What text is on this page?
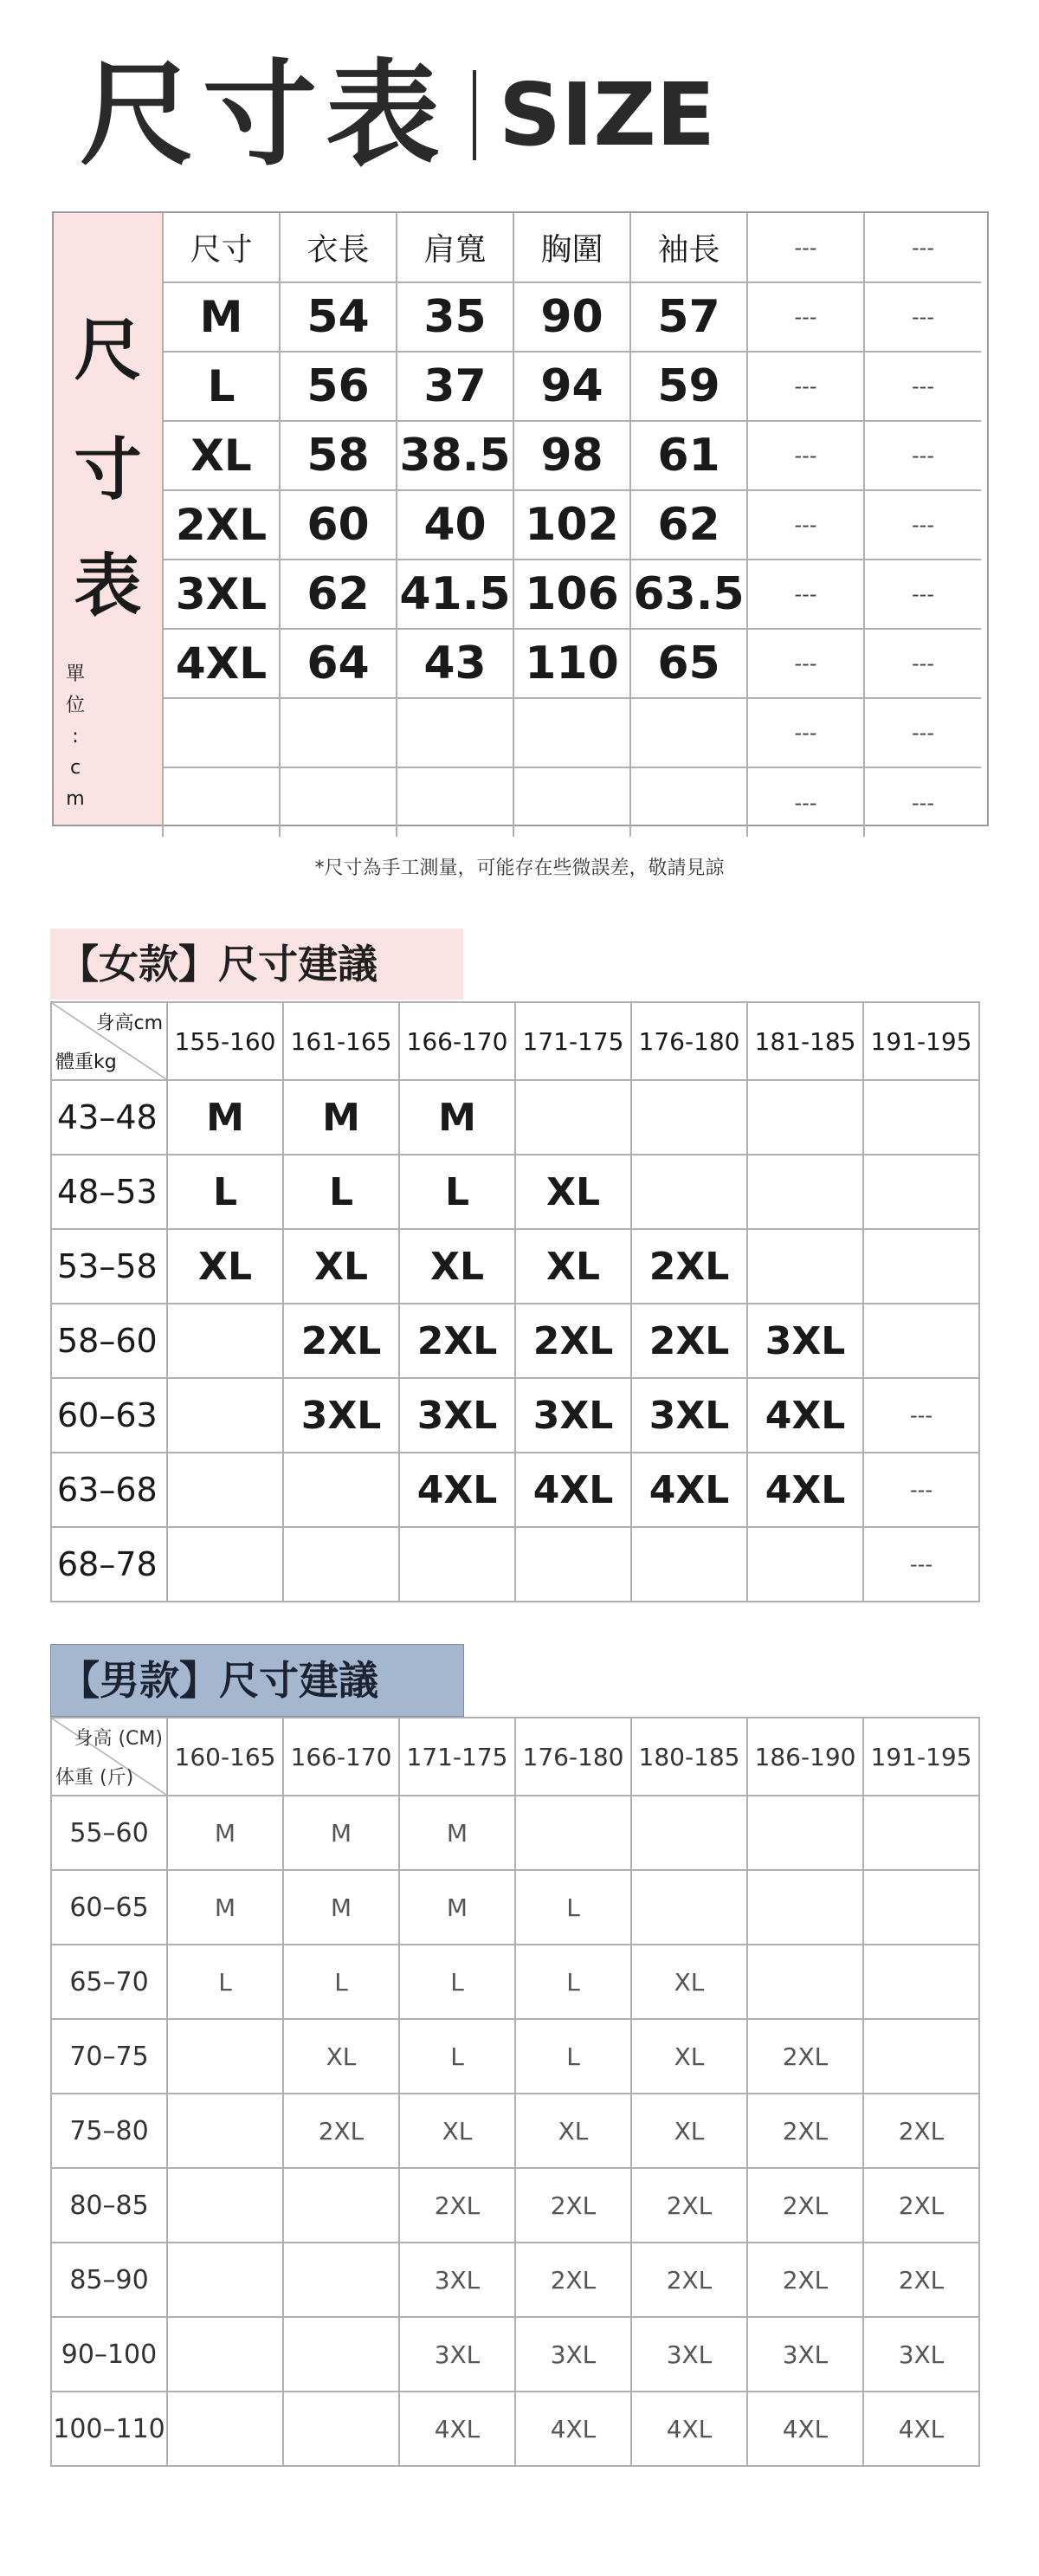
尺寸表 SIZE
尺
寸
表
單
位
:
c
m
尺寸	衣長	肩寬	胸圍	袖長	---	---
M	54	35	90	57	---	---
L	56	37	94	59	---	---
XL	58	38.5	98	61	---	---
2XL	60	40	102	62	---	---
3XL	62	41.5	106	63.5	---	---
4XL	64	43	110	65	---	---
					---	---
					---	---
*尺寸為手工測量，可能存在些微誤差，敬請見諒
【女款】尺寸建議
身高cm
體重kg	155-160	161-165	166-170	171-175	176-180	181-185	191-195
43–48	M	M	M				
48–53	L	L	L	XL			
53–58	XL	XL	XL	XL	2XL		
58–60		2XL	2XL	2XL	2XL	3XL	
60–63		3XL	3XL	3XL	3XL	4XL	---
63–68			4XL	4XL	4XL	4XL	---
68–78							---
【男款】尺寸建議
身高 (CM)
体重 (斤)	160-165	166-170	171-175	176-180	180-185	186-190	191-195
55–60	M	M	M				
60–65	M	M	M	L			
65–70	L	L	L	L	XL		
70–75		XL	L	L	XL	2XL	
75–80		2XL	XL	XL	XL	2XL	2XL
80–85			2XL	2XL	2XL	2XL	2XL
85–90			3XL	2XL	2XL	2XL	2XL
90–100			3XL	3XL	3XL	3XL	3XL
100–110			4XL	4XL	4XL	4XL	4XL
